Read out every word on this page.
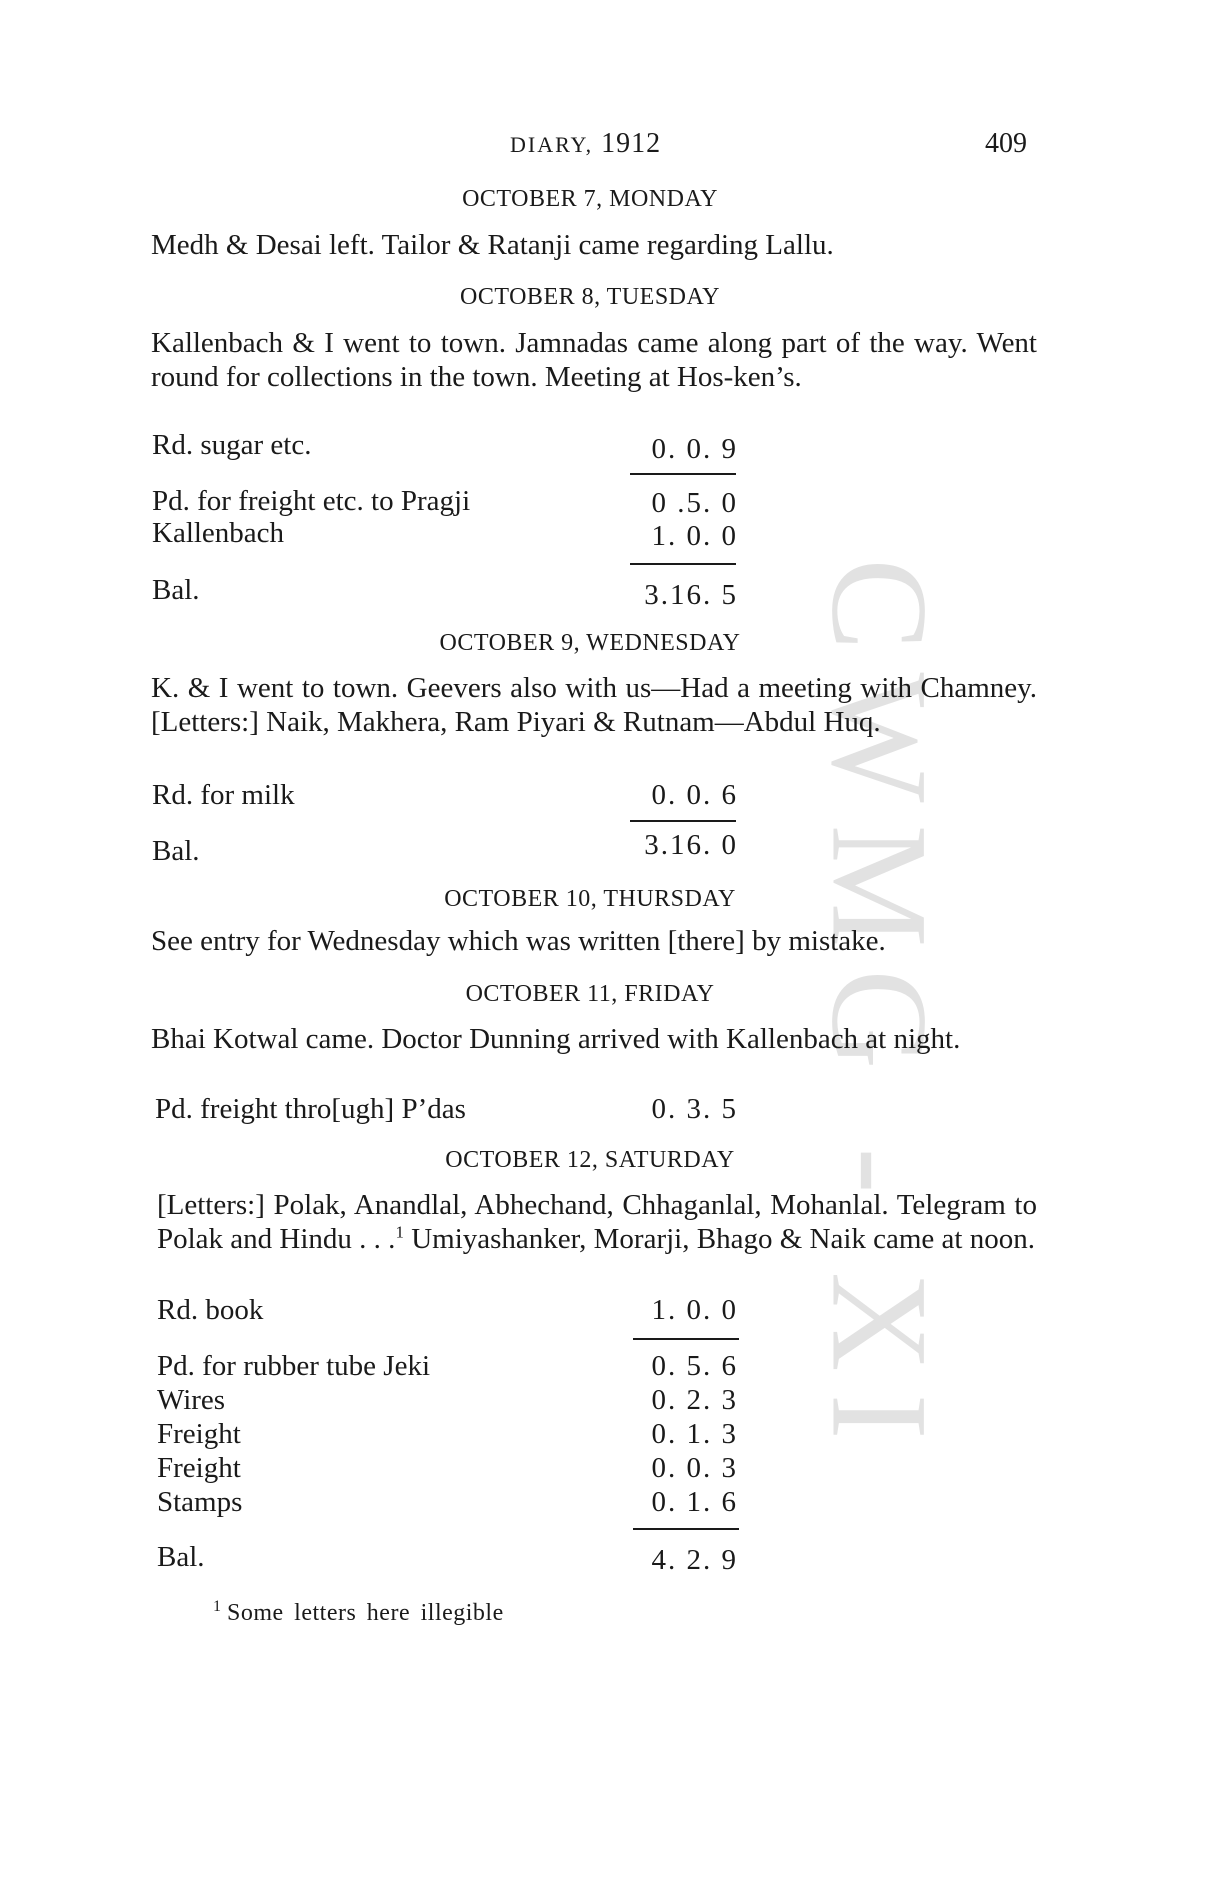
CWMG - XI
DIARY, 1912	409
OCTOBER 7, MONDAY
Medh & Desai left. Tailor & Ratanji came regarding Lallu.
OCTOBER 8, TUESDAY
Kallenbach & I went to town. Jamnadas came along part of the way. Went round for collections in the town. Meeting at Hos-ken’s.
Rd. sugar etc.	0. 0. 9
Pd. for freight etc. to Pragji	0 .5. 0
Kallenbach	1. 0. 0
Bal.	3.16. 5
OCTOBER 9, WEDNESDAY
K. & I went to town. Geevers also with us—Had a meeting with Chamney. [Letters:] Naik, Makhera, Ram Piyari & Rutnam—Abdul Huq.
Rd. for milk	0. 0. 6
Bal.	3.16. 0
OCTOBER 10, THURSDAY
See entry for Wednesday which was written [there] by mistake.
OCTOBER 11, FRIDAY
Bhai Kotwal came. Doctor Dunning arrived with Kallenbach at night.
Pd. freight thro[ugh] P’das	0. 3. 5
OCTOBER 12, SATURDAY
[Letters:] Polak, Anandlal, Abhechand, Chhaganlal, Mohanlal. Telegram to Polak and Hindu . . .$^1$ Umiyashanker, Morarji, Bhago & Naik came at noon.
Rd. book	1. 0. 0
Pd. for rubber tube Jeki	0. 5. 6
Wires	0. 2. 3
Freight	0. 1. 3
Freight	0. 0. 3
Stamps	0. 1. 6
Bal.	4. 2. 9
$^1$ Some letters here illegible
